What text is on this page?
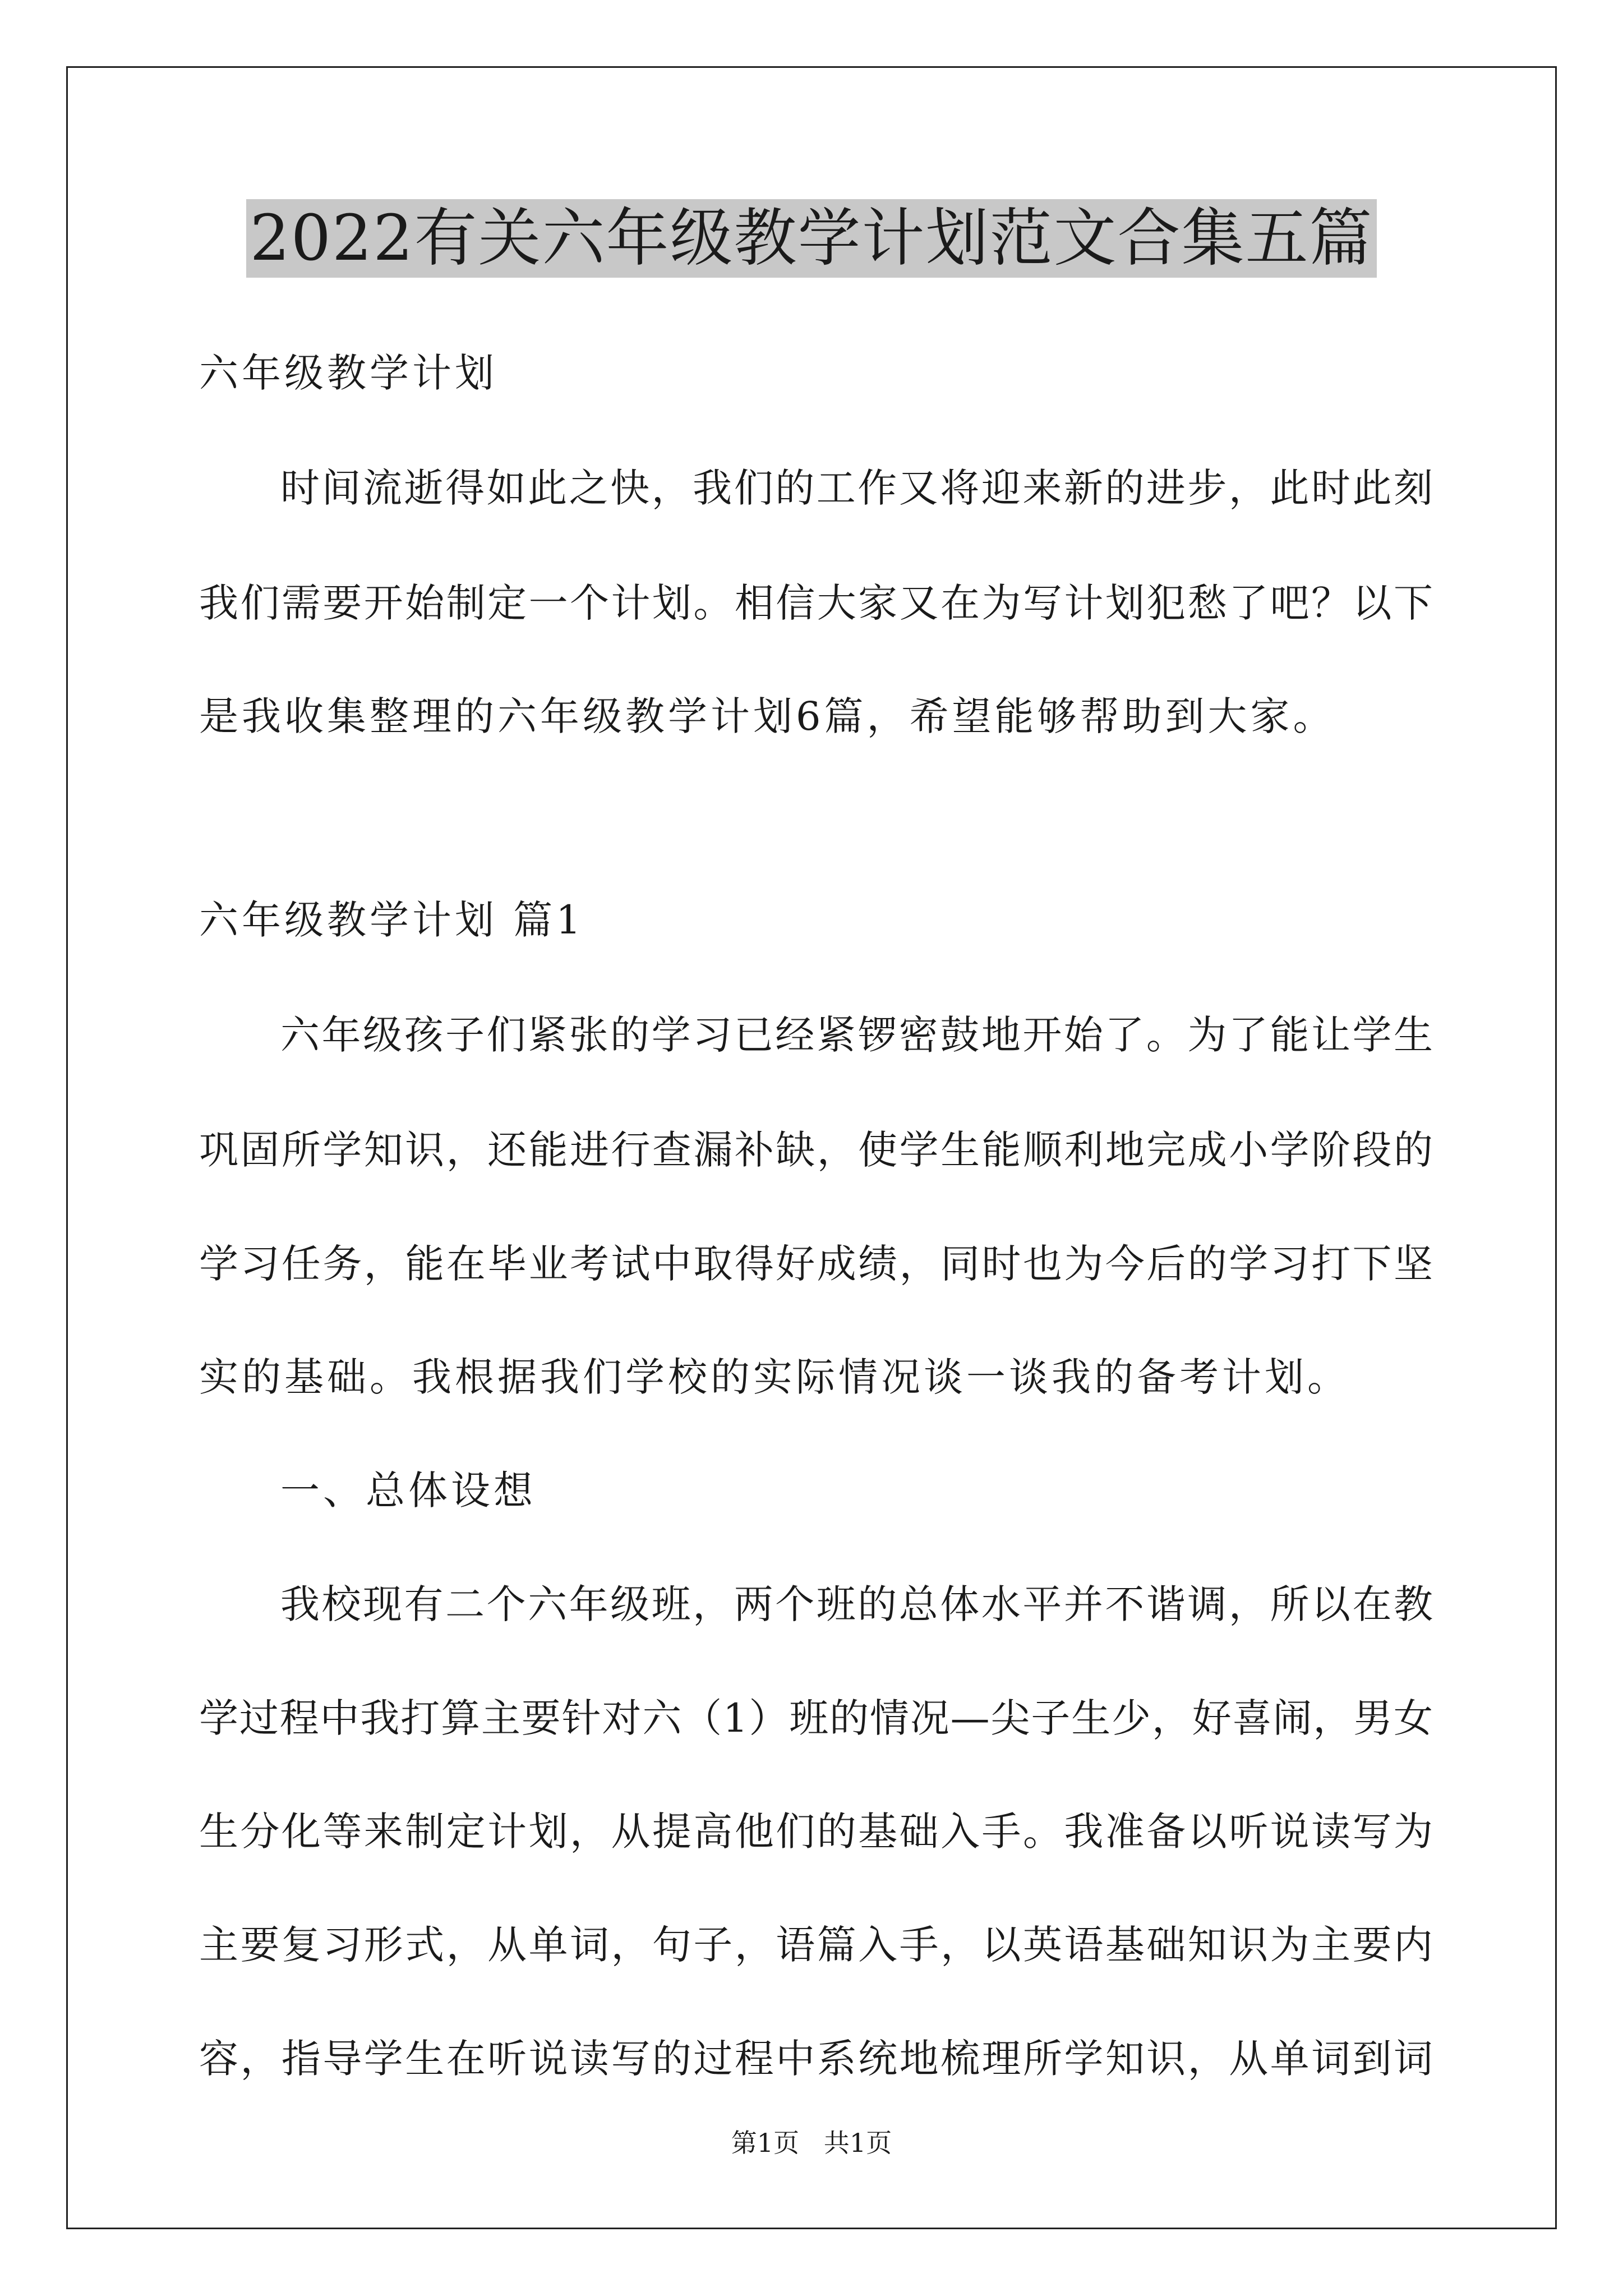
2022有关六年级教学计划范文合集五篇
六年级教学计划
时间流逝得如此之快，我们的工作又将迎来新的进步，此时此刻
我们需要开始制定一个计划。相信大家又在为写计划犯愁了吧？以下
是我收集整理的六年级教学计划6篇，希望能够帮助到大家。
六年级教学计划 篇1
六年级孩子们紧张的学习已经紧锣密鼓地开始了。为了能让学生
巩固所学知识，还能进行查漏补缺，使学生能顺利地完成小学阶段的
学习任务，能在毕业考试中取得好成绩，同时也为今后的学习打下坚
实的基础。我根据我们学校的实际情况谈一谈我的备考计划。
一、总体设想
我校现有二个六年级班，两个班的总体水平并不谐调，所以在教
学过程中我打算主要针对六（1）班的情况—尖子生少，好喜闹，男女
生分化等来制定计划，从提高他们的基础入手。我准备以听说读写为
主要复习形式，从单词，句子，语篇入手，以英语基础知识为主要内
容，指导学生在听说读写的过程中系统地梳理所学知识，从单词到词
第1页   共1页
